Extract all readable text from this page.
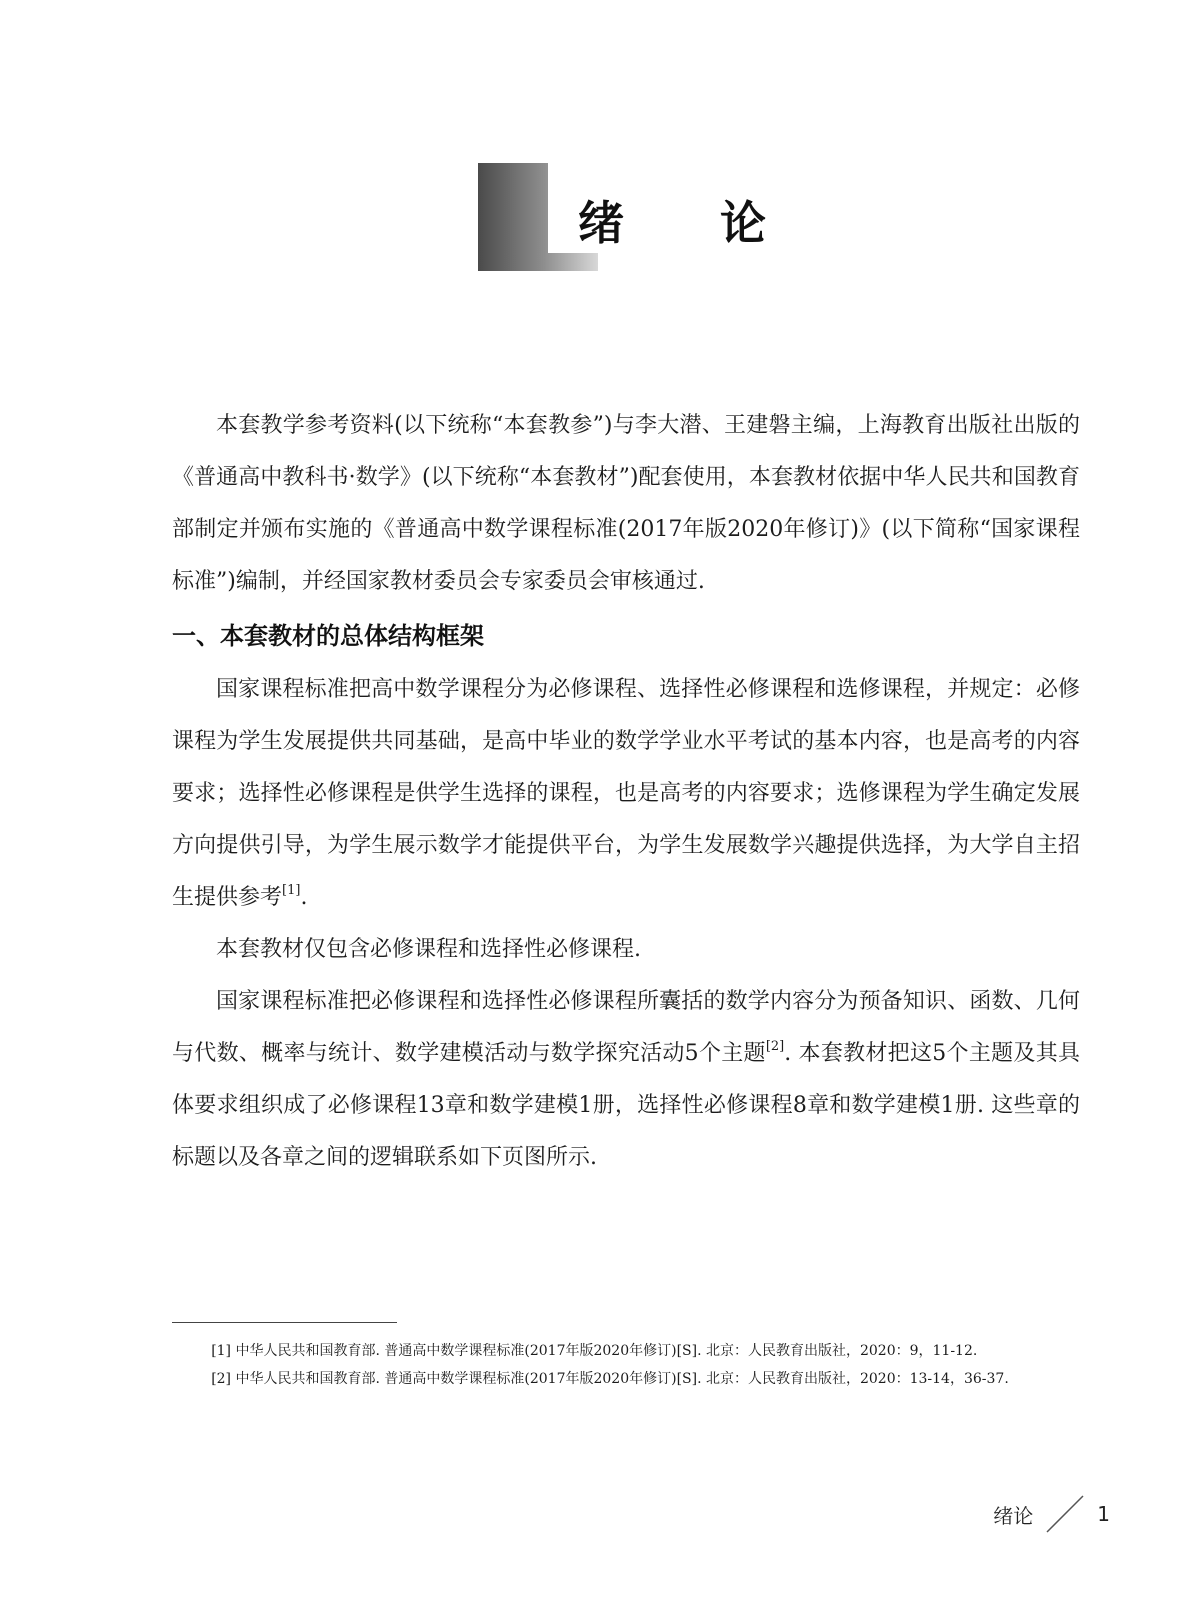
绪论

本套教学参考资料(以下统称“本套教参”)与李大潜、王建磐主编，上海教育出版社出版的《普通高中教科书·数学》(以下统称“本套教材”)配套使用，本套教材依据中华人民共和国教育部制定并颁布实施的《普通高中数学课程标准(2017年版2020年修订)》(以下简称“国家课程标准”)编制，并经国家教材委员会专家委员会审核通过.

一、本套教材的总体结构框架

国家课程标准把高中数学课程分为必修课程、选择性必修课程和选修课程，并规定：必修课程为学生发展提供共同基础，是高中毕业的数学学业水平考试的基本内容，也是高考的内容要求；选择性必修课程是供学生选择的课程，也是高考的内容要求；选修课程为学生确定发展方向提供引导，为学生展示数学才能提供平台，为学生发展数学兴趣提供选择，为大学自主招生提供参考[1].

本套教材仅包含必修课程和选择性必修课程.

国家课程标准把必修课程和选择性必修课程所囊括的数学内容分为预备知识、函数、几何与代数、概率与统计、数学建模活动与数学探究活动5个主题[2]. 本套教材把这5个主题及其具体要求组织成了必修课程13章和数学建模1册，选择性必修课程8章和数学建模1册. 这些章的标题以及各章之间的逻辑联系如下页图所示.

[1] 中华人民共和国教育部. 普通高中数学课程标准(2017年版2020年修订)[S]. 北京：人民教育出版社，2020：9，11-12.

[2] 中华人民共和国教育部. 普通高中数学课程标准(2017年版2020年修订)[S]. 北京：人民教育出版社，2020：13-14，36-37.

绪论	1
